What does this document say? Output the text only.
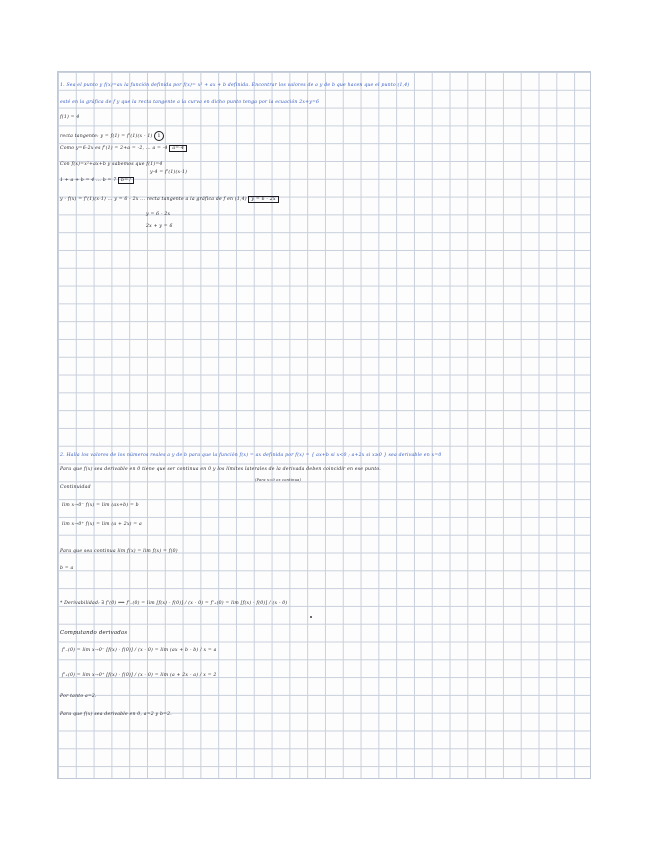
1. Sea el punto y f(x)=ax la función definida por f(x)= x² + ax + b definida. Encontrar los valores de a y de b que hacen que el punto (1,4)
esté en la gráfica de f y que la recta tangente a la curva en dicho punto tenga por la ecuación 2x+y=6
f(1) = 4
recta tangente: y = f(1) = f'(1)(x - 1) 1
Como y=6-2x es f'(1) = 2+a = -2, ... a = -4 a=-4
Con f(x)=x²+ax+b y sabemos que f(1)=4
y-4 = f'(1)(x-1)
1 + a + b = 4 ... b = 7 b=7
y - f(x) = f'(1)(x-1) ... y = 6 - 2x ... recta tangente a la gráfica de f en (1,4) y = 6 - 2x
y = 6 - 2x
2x + y = 6
2. Halla los valores de los números reales a y de b para que la función f(x) = ax definida por f(x) = { ax+b si x<0 ; a+2x si x≥0 } sea derivable en x=0
Para que f(x) sea derivable en 0 tiene que ser continua en 0 y los límites laterales de la derivada deben coincidir en ese punto.
(Para x=0 es continua)
Continuidad
lim x→0⁻ f(x) = lim (ax+b) = b
lim x→0⁺ f(x) = lim (a + 2x) = a
Para que sea continua lim f(x) = lim f(x) = f(0)
b = a
* Derivabilidad: ∃ f'(0) ⟺ f'₋(0) = lim [f(x) - f(0)] / (x - 0) = f'₊(0) = lim [f(x) - f(0)] / (x - 0)
Computando derivadas
f'₋(0) = lim x→0⁻ [f(x) - f(0)] / (x - 0) = lim (ax + b - b) / x = a
f'₊(0) = lim x→0⁺ [f(x) - f(0)] / (x - 0) = lim (a + 2x - a) / x = 2
Por tanto a=2.
Para que f(x) sea derivable en 0, a=2 y b=2.
